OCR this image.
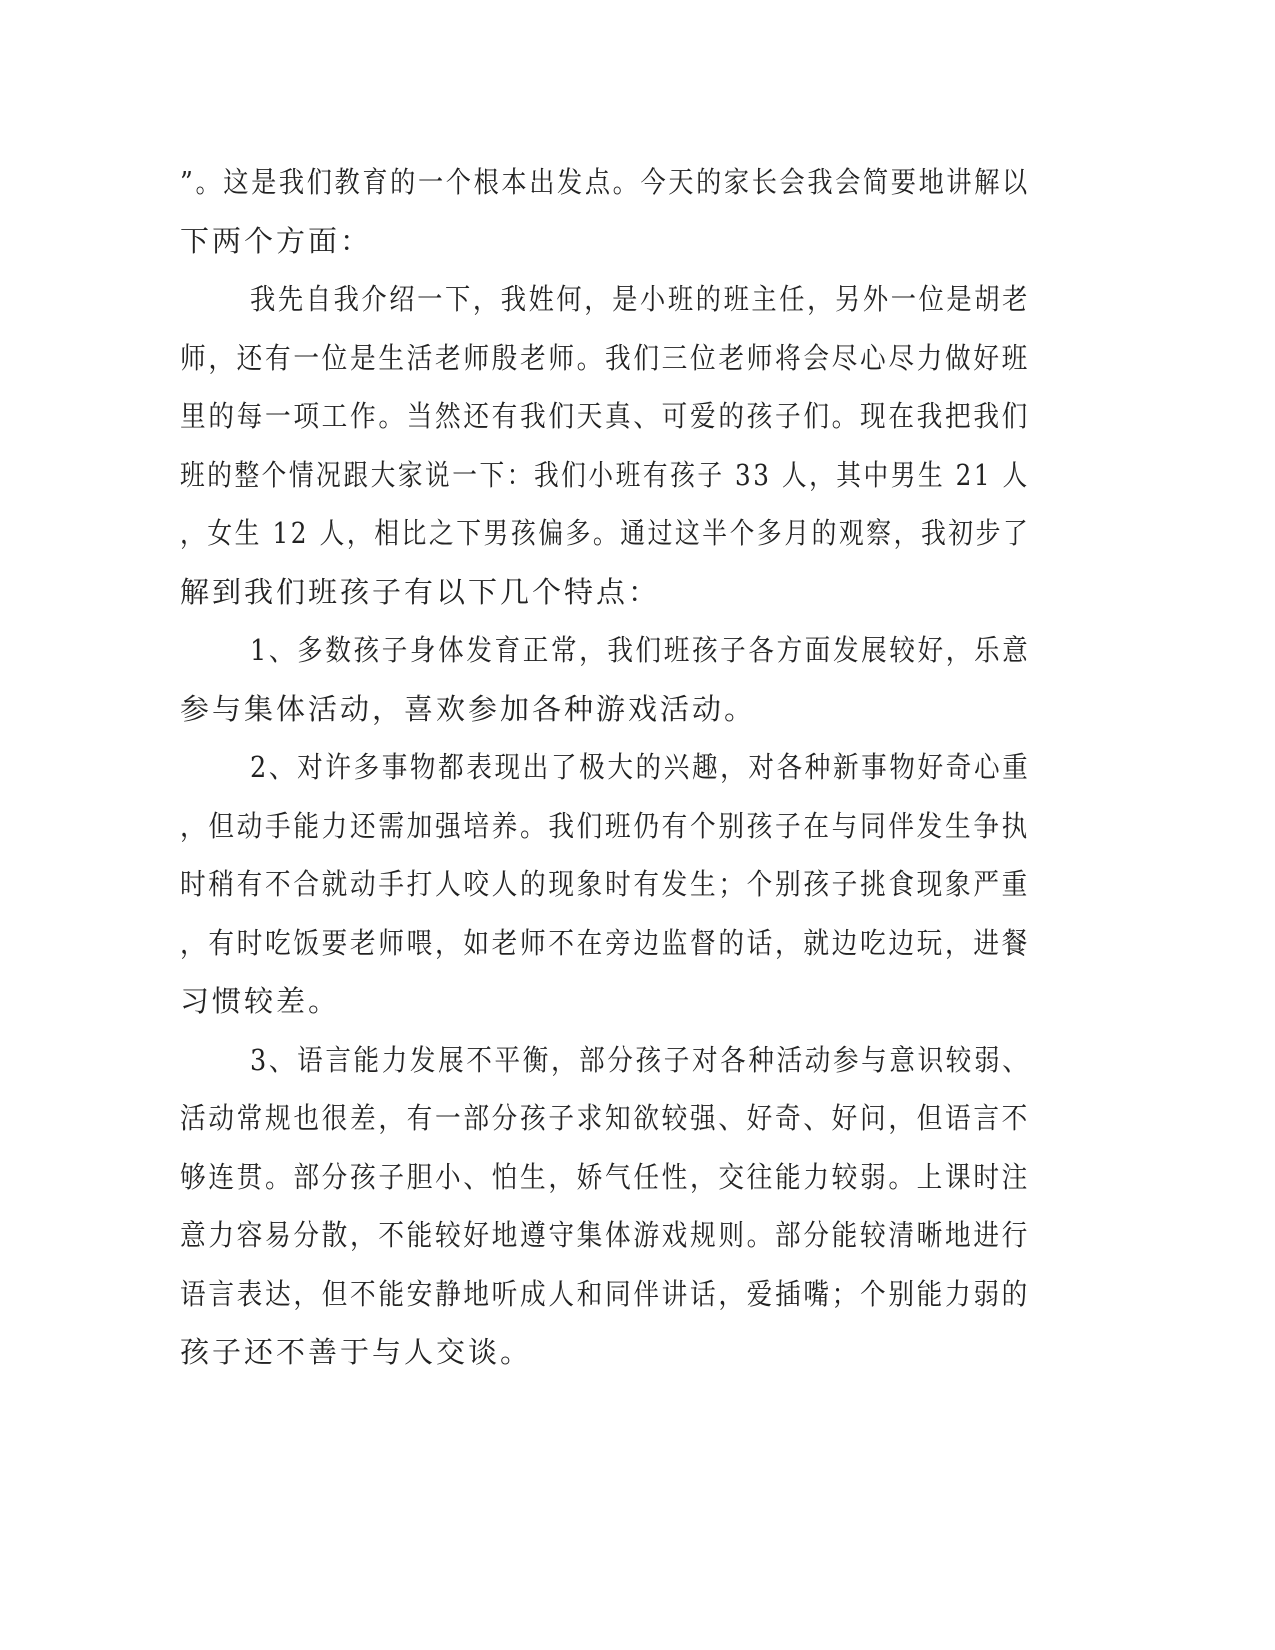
”。这是我们教育的一个根本出发点。今天的家长会我会简要地讲解以
下两个方面：
我先自我介绍一下，我姓何，是小班的班主任，另外一位是胡老
师，还有一位是生活老师殷老师。我们三位老师将会尽心尽力做好班
里的每一项工作。当然还有我们天真、可爱的孩子们。现在我把我们
班的整个情况跟大家说一下：我们小班有孩子 33 人，其中男生 21 人
，女生 12 人，相比之下男孩偏多。通过这半个多月的观察，我初步了
解到我们班孩子有以下几个特点：
1、多数孩子身体发育正常，我们班孩子各方面发展较好，乐意
参与集体活动，喜欢参加各种游戏活动。
2、对许多事物都表现出了极大的兴趣，对各种新事物好奇心重
，但动手能力还需加强培养。我们班仍有个别孩子在与同伴发生争执
时稍有不合就动手打人咬人的现象时有发生；个别孩子挑食现象严重
，有时吃饭要老师喂，如老师不在旁边监督的话，就边吃边玩，进餐
习惯较差。
3、语言能力发展不平衡，部分孩子对各种活动参与意识较弱、
活动常规也很差，有一部分孩子求知欲较强、好奇、好问，但语言不
够连贯。部分孩子胆小、怕生，娇气任性，交往能力较弱。上课时注
意力容易分散，不能较好地遵守集体游戏规则。部分能较清晰地进行
语言表达，但不能安静地听成人和同伴讲话，爱插嘴；个别能力弱的
孩子还不善于与人交谈。
